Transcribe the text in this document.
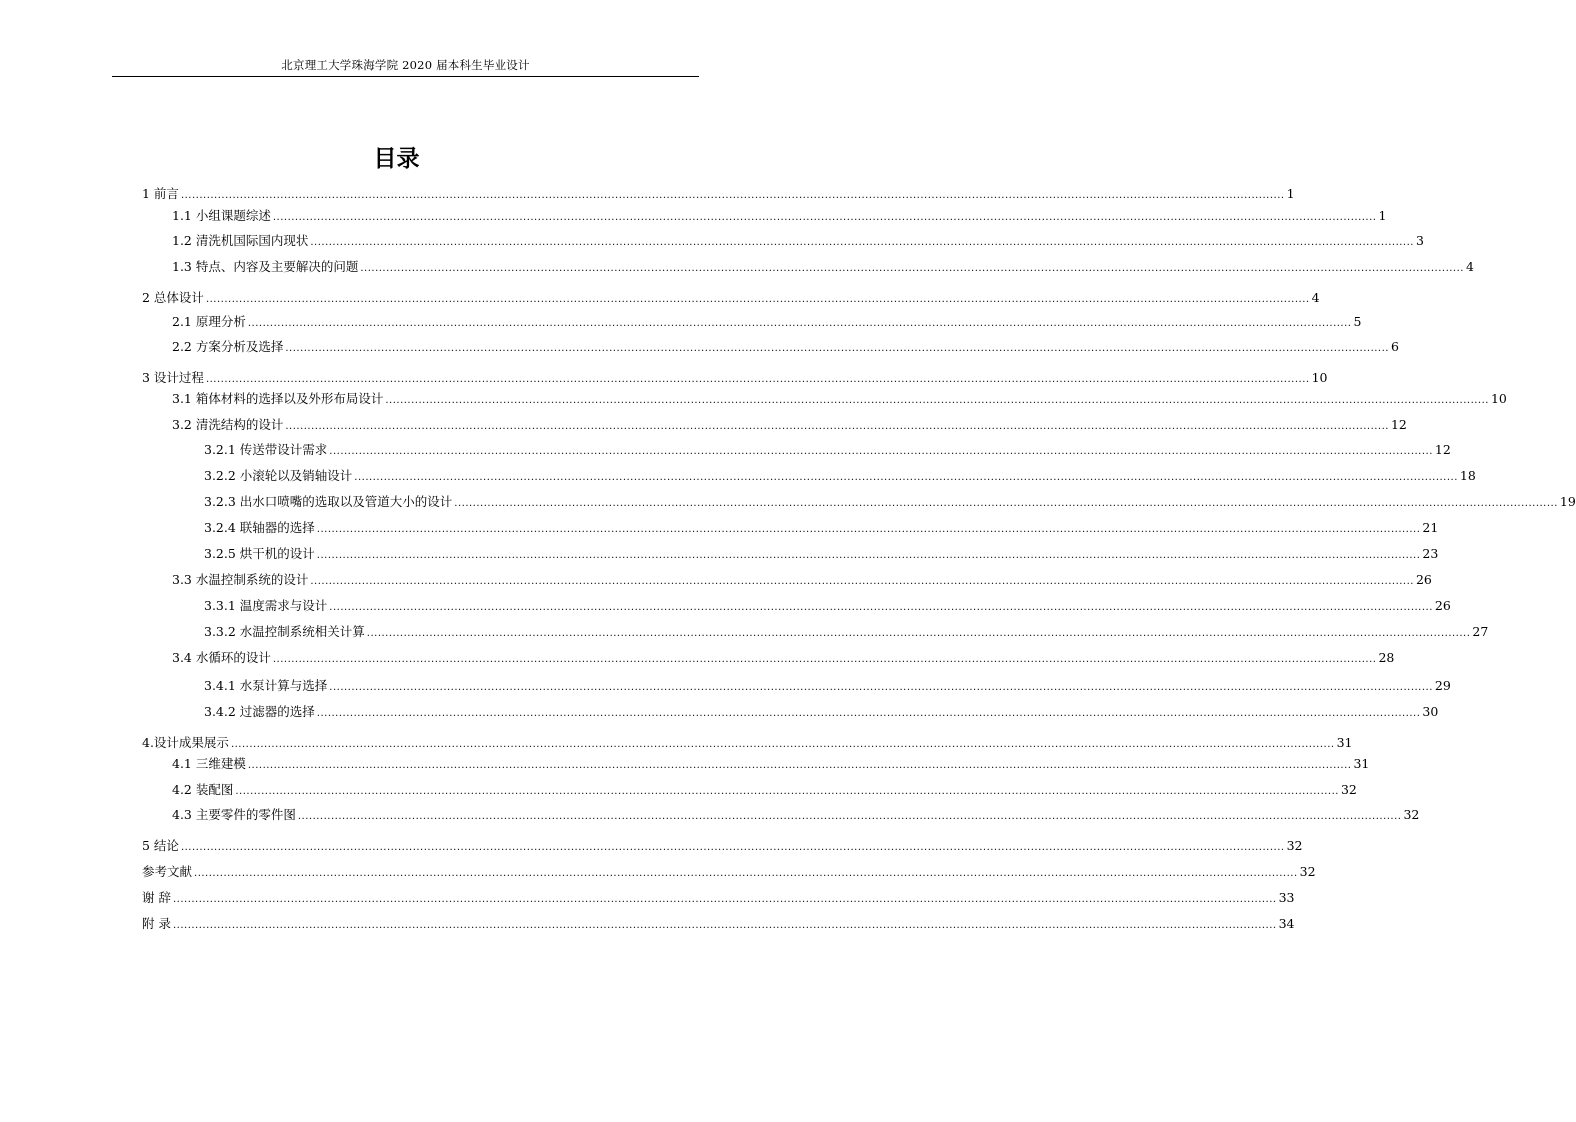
北京理工大学珠海学院 2020 届本科生毕业设计
目录
1 前言 ............................................................................................................................................................................................................................................................................................................ 1
1.1 小组课题综述 ............................................................................................................................................................................................................................................................................................................ 1
1.2 清洗机国际国内现状 ............................................................................................................................................................................................................................................................................................................ 3
1.3 特点、内容及主要解决的问题 ............................................................................................................................................................................................................................................................................................................ 4
2 总体设计 ............................................................................................................................................................................................................................................................................................................ 4
2.1 原理分析 ............................................................................................................................................................................................................................................................................................................ 5
2.2 方案分析及选择 ............................................................................................................................................................................................................................................................................................................ 6
3 设计过程 ............................................................................................................................................................................................................................................................................................................ 10
3.1 箱体材料的选择以及外形布局设计 ............................................................................................................................................................................................................................................................................................................ 10
3.2 清洗结构的设计 ............................................................................................................................................................................................................................................................................................................ 12
3.2.1 传送带设计需求 ............................................................................................................................................................................................................................................................................................................ 12
3.2.2 小滚轮以及销轴设计 ............................................................................................................................................................................................................................................................................................................ 18
3.2.3 出水口喷嘴的选取以及管道大小的设计 ............................................................................................................................................................................................................................................................................................................ 19
3.2.4 联轴器的选择 ............................................................................................................................................................................................................................................................................................................ 21
3.2.5 烘干机的设计 ............................................................................................................................................................................................................................................................................................................ 23
3.3 水温控制系统的设计 ............................................................................................................................................................................................................................................................................................................ 26
3.3.1 温度需求与设计 ............................................................................................................................................................................................................................................................................................................ 26
3.3.2 水温控制系统相关计算 ............................................................................................................................................................................................................................................................................................................ 27
3.4 水循环的设计 ............................................................................................................................................................................................................................................................................................................ 28
3.4.1 水泵计算与选择 ............................................................................................................................................................................................................................................................................................................ 29
3.4.2 过滤器的选择 ............................................................................................................................................................................................................................................................................................................ 30
4.设计成果展示 ............................................................................................................................................................................................................................................................................................................ 31
4.1 三维建模 ............................................................................................................................................................................................................................................................................................................ 31
4.2 装配图 ............................................................................................................................................................................................................................................................................................................ 32
4.3 主要零件的零件图 ............................................................................................................................................................................................................................................................................................................ 32
5 结论 ............................................................................................................................................................................................................................................................................................................ 32
参考文献 ............................................................................................................................................................................................................................................................................................................ 32
谢 辞 ............................................................................................................................................................................................................................................................................................................ 33
附 录 ............................................................................................................................................................................................................................................................................................................ 34
